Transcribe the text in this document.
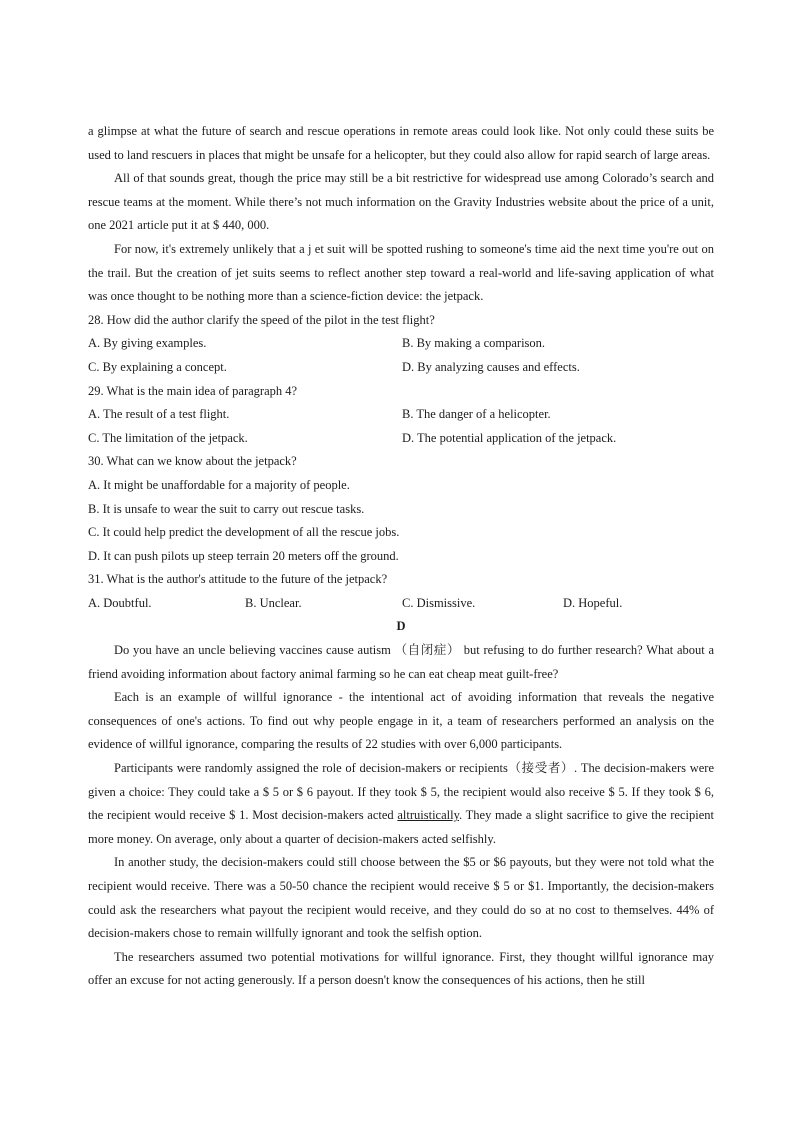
a glimpse at what the future of search and rescue operations in remote areas could look like. Not only could these suits be used to land rescuers in places that might be unsafe for a helicopter, but they could also allow for rapid search of large areas.

All of that sounds great, though the price may still be a bit restrictive for widespread use among Colorado’s search and rescue teams at the moment. While there’s not much information on the Gravity Industries website about the price of a unit, one 2021 article put it at $ 440, 000.

For now, it's extremely unlikely that a j et suit will be spotted rushing to someone's time aid the next time you're out on the trail. But the creation of jet suits seems to reflect another step toward a real-world and life-saving application of what was once thought to be nothing more than a science-fiction device: the jetpack.

28. How did the author clarify the speed of the pilot in the test flight?

A. By giving examples.	B. By making a comparison.
C. By explaining a concept.	D. By analyzing causes and effects.

29. What is the main idea of paragraph 4?

A. The result of a test flight.	B. The danger of a helicopter.
C. The limitation of the jetpack.	D. The potential application of the jetpack.

30. What can we know about the jetpack?

A. It might be unaffordable for a majority of people.

B. It is unsafe to wear the suit to carry out rescue tasks.

C. It could help predict the development of all the rescue jobs.

D. It can push pilots up steep terrain 20 meters off the ground.

31. What is the author's attitude to the future of the jetpack?

A. Doubtful.	B. Unclear.	C. Dismissive.	D. Hopeful.
D

Do you have an uncle believing vaccines cause autism （自闭症） but refusing to do further research? What about a friend avoiding information about factory animal farming so he can eat cheap meat guilt-free?

Each is an example of willful ignorance - the intentional act of avoiding information that reveals the negative consequences of one's actions. To find out why people engage in it, a team of researchers performed an analysis on the evidence of willful ignorance, comparing the results of 22 studies with over 6,000 participants.

Participants were randomly assigned the role of decision-makers or recipients（接受者）. The decision-makers were given a choice: They could take a $ 5 or $ 6 payout. If they took $ 5, the recipient would also receive $ 5. If they took $ 6, the recipient would receive $ 1. Most decision-makers acted altruistically. They made a slight sacrifice to give the recipient more money. On average, only about a quarter of decision-makers acted selfishly.

In another study, the decision-makers could still choose between the $5 or $6 payouts, but they were not told what the recipient would receive. There was a 50-50 chance the recipient would receive $ 5 or $1. Importantly, the decision-makers could ask the researchers what payout the recipient would receive, and they could do so at no cost to themselves. 44% of decision-makers chose to remain willfully ignorant and took the selfish option.

The researchers assumed two potential motivations for willful ignorance. First, they thought willful ignorance may offer an excuse for not acting generously. If a person doesn't know the consequences of his actions, then he still
